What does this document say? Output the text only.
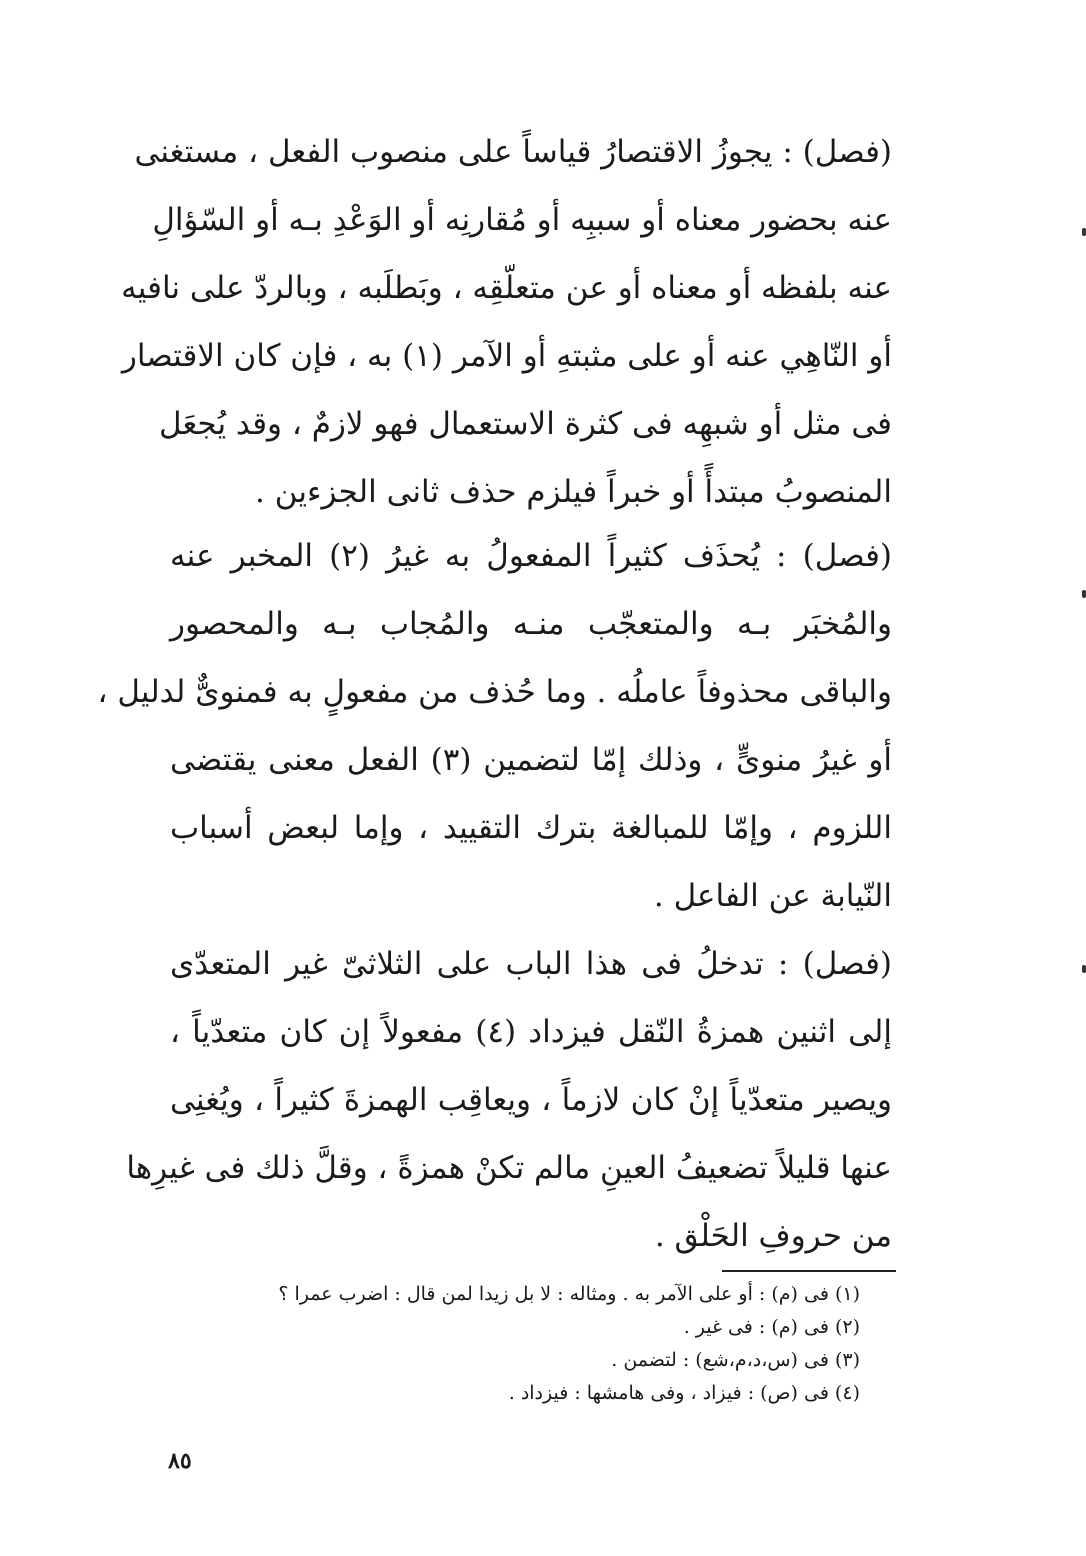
(فصل) : يجوزُ الاقتصارُ قياساً على منصوب الفعل ، مستغنى
عنه بحضور معناه أو سببِه أو مُقارنِه أو الوَعْدِ بـه أو السّؤالِ
عنه بلفظه أو معناه أو عن متعلّقِه ، وبَطلَبه ، وبالردّ على نافيه
أو النّاهِي عنه أو على مثبتهِ أو الآمر (١) به ، فإن كان الاقتصار
فى مثل أو شبهِه فى كثرة الاستعمال فهو لازمٌ ، وقد يُجعَل
المنصوبُ مبتدأً أو خبراً فيلزم حذف ثانى الجزءين .
(فصل) : يُحذَف كثيراً المفعولُ به غيرُ (٢) المخبر عنه
والمُخبَر بـه والمتعجّب منـه والمُجاب بـه والمحصور
والباقى محذوفاً عاملُه . وما حُذف من مفعولٍ به فمنوىٌّ لدليل ،
أو غيرُ منوىٍّ ، وذلك إمّا لتضمين (٣) الفعل معنى يقتضى
اللزوم ، وإمّا للمبالغة بترك التقييد ، وإما لبعض أسباب
النّيابة عن الفاعل .
(فصل) : تدخلُ فى هذا الباب على الثلاثىّ غير المتعدّى
إلى اثنين همزةُ النّقل فيزداد (٤) مفعولاً إن كان متعدّياً ،
ويصير متعدّياً إنْ كان لازماً ، ويعاقِب الهمزةَ كثيراً ، ويُغنِى
عنها قليلاً تضعيفُ العينِ مالم تكنْ همزةً ، وقلَّ ذلك فى غيرِها
من حروفِ الحَلْق .
(١) فى (م) : أو على الآمر به . ومثاله : لا بل زيدا لمن قال : اضرب عمرا ؟
(٢) فى (م) : فى غير .
(٣) فى (س،د،م،شع) : لتضمن .
(٤) فى (ص) : فيزاد ، وفى هامشها : فيزداد .
٨٥
